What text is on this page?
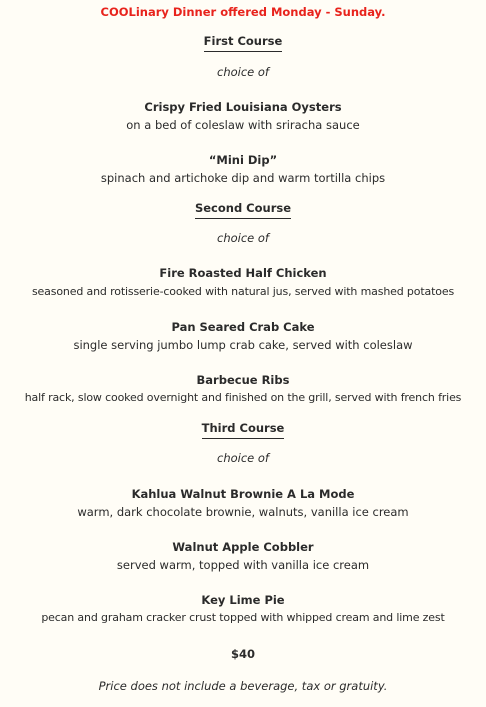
COOLinary Dinner offered Monday - Sunday.
First Course
choice of
Crispy Fried Louisiana Oysters
on a bed of coleslaw with sriracha sauce
“Mini Dip”
spinach and artichoke dip and warm tortilla chips
Second Course
choice of
Fire Roasted Half Chicken
seasoned and rotisserie-cooked with natural jus, served with mashed potatoes
Pan Seared Crab Cake
single serving jumbo lump crab cake, served with coleslaw
Barbecue Ribs
half rack, slow cooked overnight and finished on the grill, served with french fries
Third Course
choice of
Kahlua Walnut Brownie A La Mode
warm, dark chocolate brownie, walnuts, vanilla ice cream
Walnut Apple Cobbler
served warm, topped with vanilla ice cream
Key Lime Pie
pecan and graham cracker crust topped with whipped cream and lime zest
$40
Price does not include a beverage, tax or gratuity.
